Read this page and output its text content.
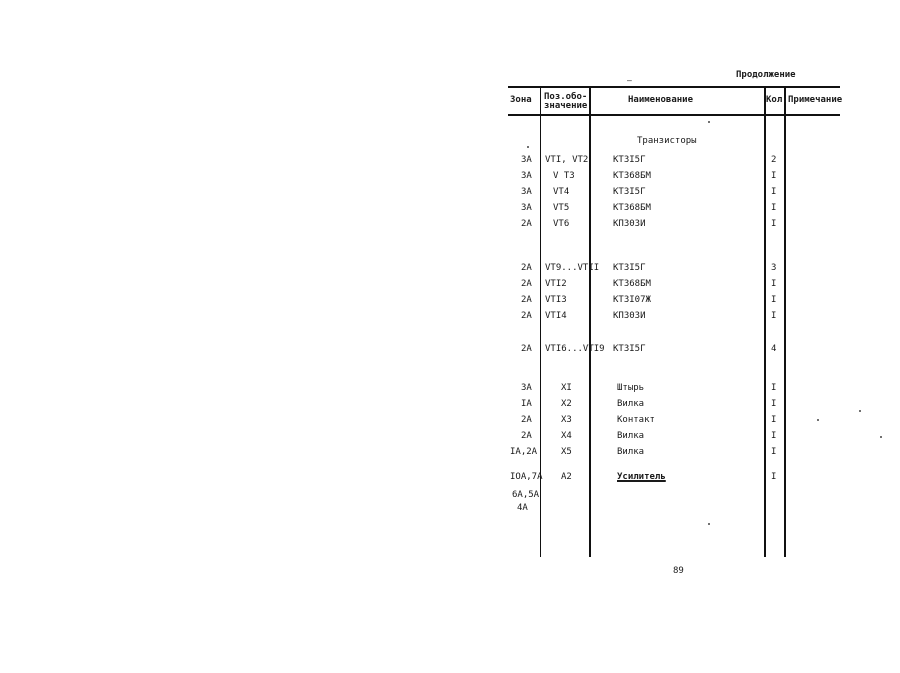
Продолжение
—
Зона Поз.обо-
значение
Наименование	Кол. Примечание
Транзисторы
3А VTI, VT2	КТ3I5Г	2
3А V T3	КТ368БМ	I
3А VT4	КТ3I5Г	I
3А VT5	КТ368БМ	I
2А VT6	КП303И	I
2А VT9...VTII КТ3I5Г	3
2А VTI2	КТ368БМ	I
2А VTI3	КТ3I07Ж	I
2А VTI4	КП303И	I
2А VTI6...VTI9 КТ3I5Г	4
3А	XI	Штырь	I
IА	X2	Вилка	I
2А	X3	Контакт	I
2А	X4	Вилка	I
IА,2А	X5	Вилка	I
IОА,7А А2	Усилитель	I
6А,5А
4А
89
